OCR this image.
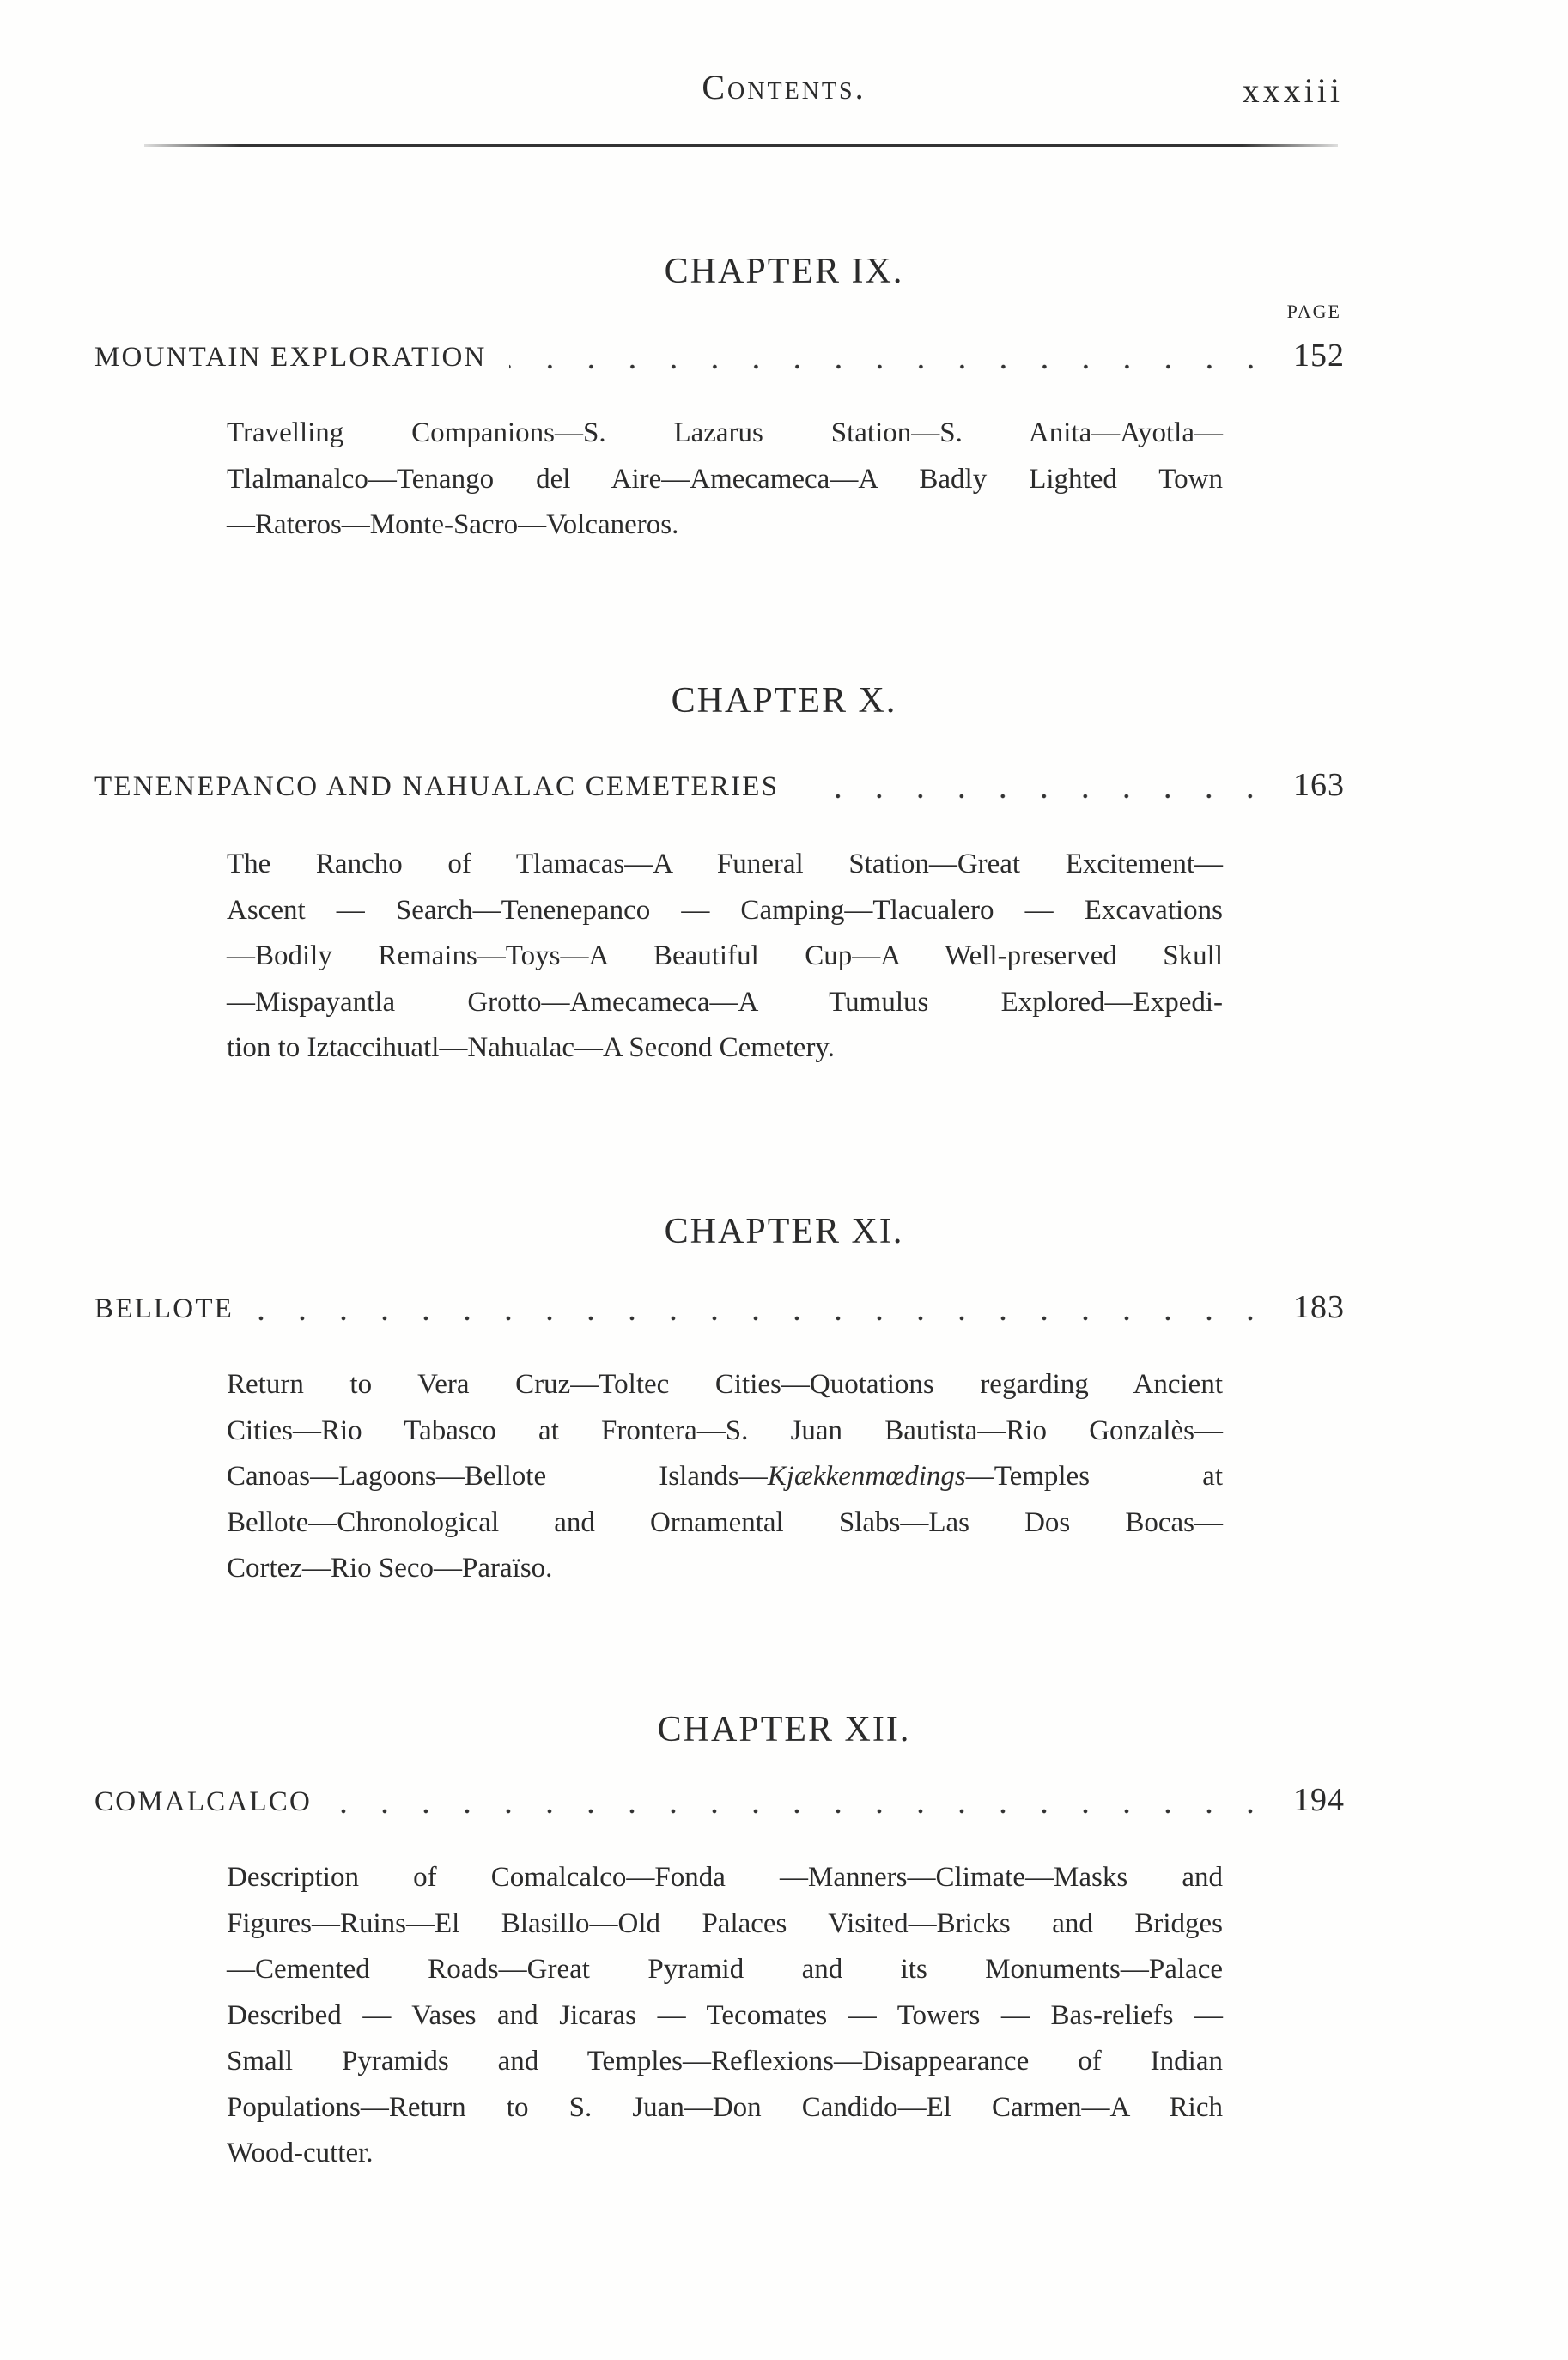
Contents.	xxxiii
CHAPTER IX.
PAGE
MOUNTAIN EXPLORATION	152

Travelling Companions—S. Lazarus Station—S. Anita—Ayotla—
Tlalmanalco—Tenango del Aire—Amecameca—A Badly Lighted Town
—Rateros—Monte-Sacro—Volcaneros.

CHAPTER X.
TENENEPANCO AND NAHUALAC CEMETERIES	163

The Rancho of Tlamacas—A Funeral Station—Great Excitement—
Ascent — Search—Tenenepanco — Camping—Tlacualero — Excavations
—Bodily Remains—Toys—A Beautiful Cup—A Well-preserved Skull
—Mispayantla Grotto—Amecameca—A Tumulus Explored—Expedi-
tion to Iztaccihuatl—Nahualac—A Second Cemetery.

CHAPTER XI.
BELLOTE	183

Return to Vera Cruz—Toltec Cities—Quotations regarding Ancient
Cities—Rio Tabasco at Frontera—S. Juan Bautista—Rio Gonzalès—
Canoas—Lagoons—Bellote Islands—Kjækkenmœdings—Temples at
Bellote—Chronological and Ornamental Slabs—Las Dos Bocas—
Cortez—Rio Seco—Paraïso.

CHAPTER XII.
COMALCALCO	194

Description of Comalcalco—Fonda —Manners—Climate—Masks and
Figures—Ruins—El Blasillo—Old Palaces Visited—Bricks and Bridges
—Cemented Roads—Great Pyramid and its Monuments—Palace
Described — Vases and Jicaras — Tecomates — Towers — Bas-reliefs —
Small Pyramids and Temples—Reflexions—Disappearance of Indian
Populations—Return to S. Juan—Don Candido—El Carmen—A Rich
Wood-cutter.
